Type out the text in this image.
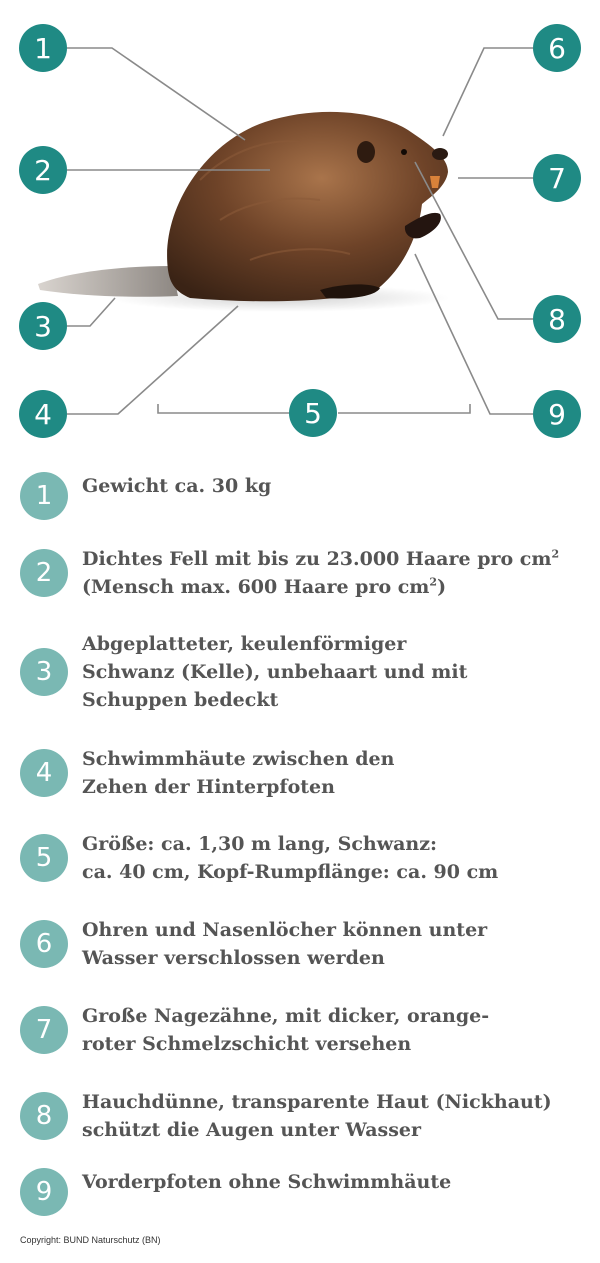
1
2
3
4	5
6
7
8
9
1	Gewicht ca. 30 kg
2	Dichtes Fell mit bis zu 23.000 Haare pro $cm^2$
(Mensch max. 600 Haare pro $cm^2$)
3
Abgeplatteter, keulenförmiger
Schwanz (Kelle), unbehaart und mit
Schuppen bedeckt
4	Schwimmhäute zwischen den
Zehen der Hinterpfoten
5	Größe: ca. 1,30 m lang, Schwanz:
ca. 40 cm, Kopf-Rumpflänge: ca. 90 cm
6	Ohren und Nasenlöcher können unter
Wasser verschlossen werden
7	Große Nagezähne, mit dicker, orange-
roter Schmelzschicht versehen
8	Hauchdünne, transparente Haut (Nickhaut)
schützt die Augen unter Wasser
9	Vorderpfoten ohne Schwimmhäute
Copyright: BUND Naturschutz (BN)
